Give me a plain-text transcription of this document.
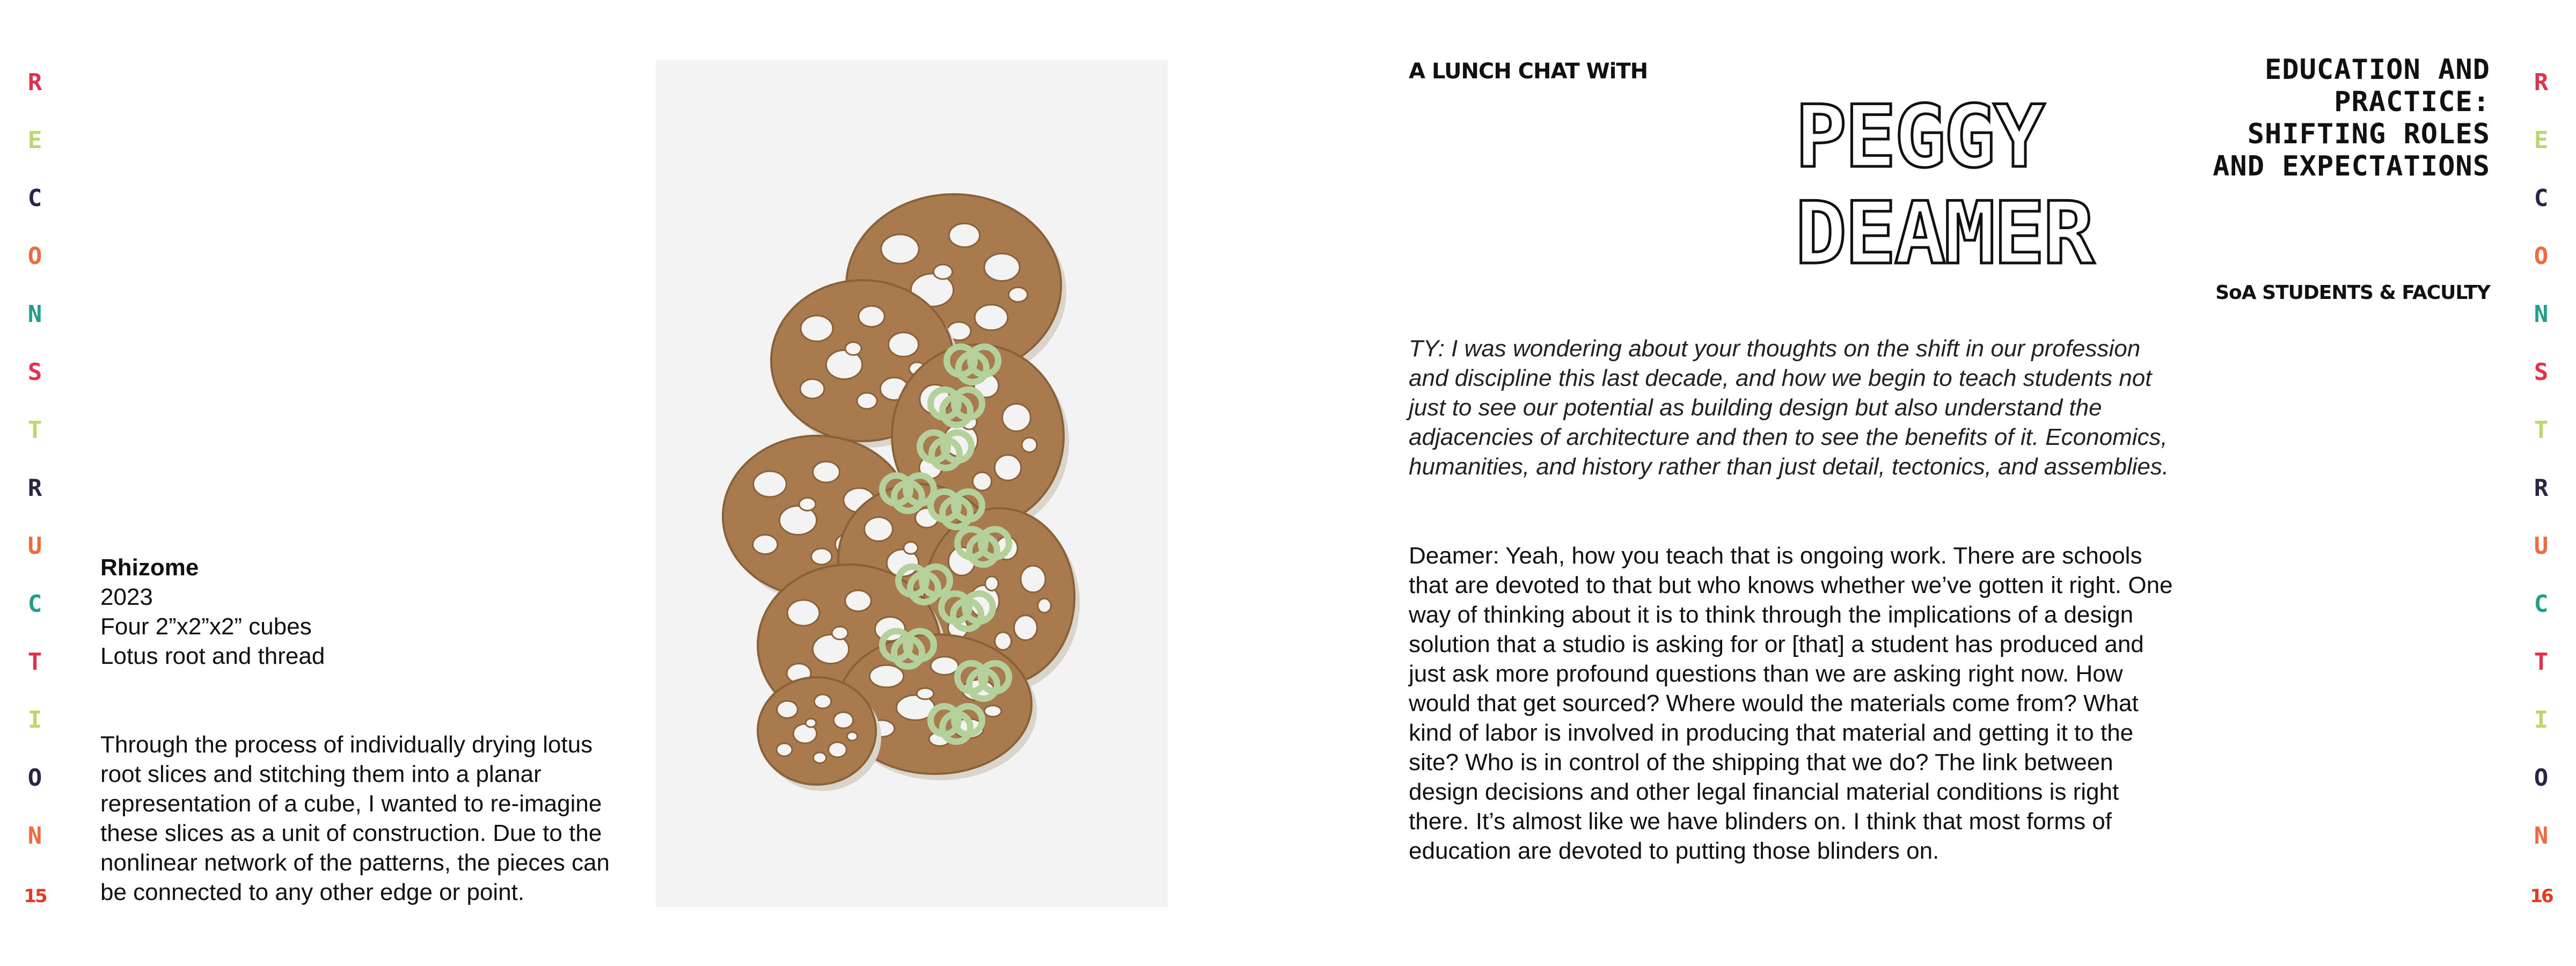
R
E
C
O
N
S
T
R
U
C
T
I
O
N
15
R
E
C
O
N
S
T
R
U
C
T
I
O
N
16
Rhizome
2023
Four 2”x2”x2” cubes
Lotus root and thread
Through the process of individually drying lotus root slices and stitching them into a planar representation of a cube, I wanted to re-imagine these slices as a unit of construction. Due to the nonlinear network of the patterns, the pieces can be connected to any other edge or point.
A LUNCH CHAT WiTH
PEGGY
DEAMER
EDUCATION AND PRACTICE: SHIFTING ROLES AND EXPECTATIONS
SoA STUDENTS & FACULTY
TY: I was wondering about your thoughts on the shift in our profession and discipline this last decade, and how we begin to teach students not just to see our potential as building design but also understand the adjacencies of architecture and then to see the benefits of it. Economics, humanities, and history rather than just detail, tectonics, and assemblies.
Deamer: Yeah, how you teach that is ongoing work. There are schools that are devoted to that but who knows whether we’ve gotten it right. One way of thinking about it is to think through the implications of a design solution that a studio is asking for or [that] a student has produced and just ask more profound questions than we are asking right now. How would that get sourced? Where would the materials come from? What kind of labor is involved in producing that material and getting it to the site? Who is in control of the shipping that we do? The link between design decisions and other legal financial material conditions is right there. It’s almost like we have blinders on. I think that most forms of education are devoted to putting those blinders on.
